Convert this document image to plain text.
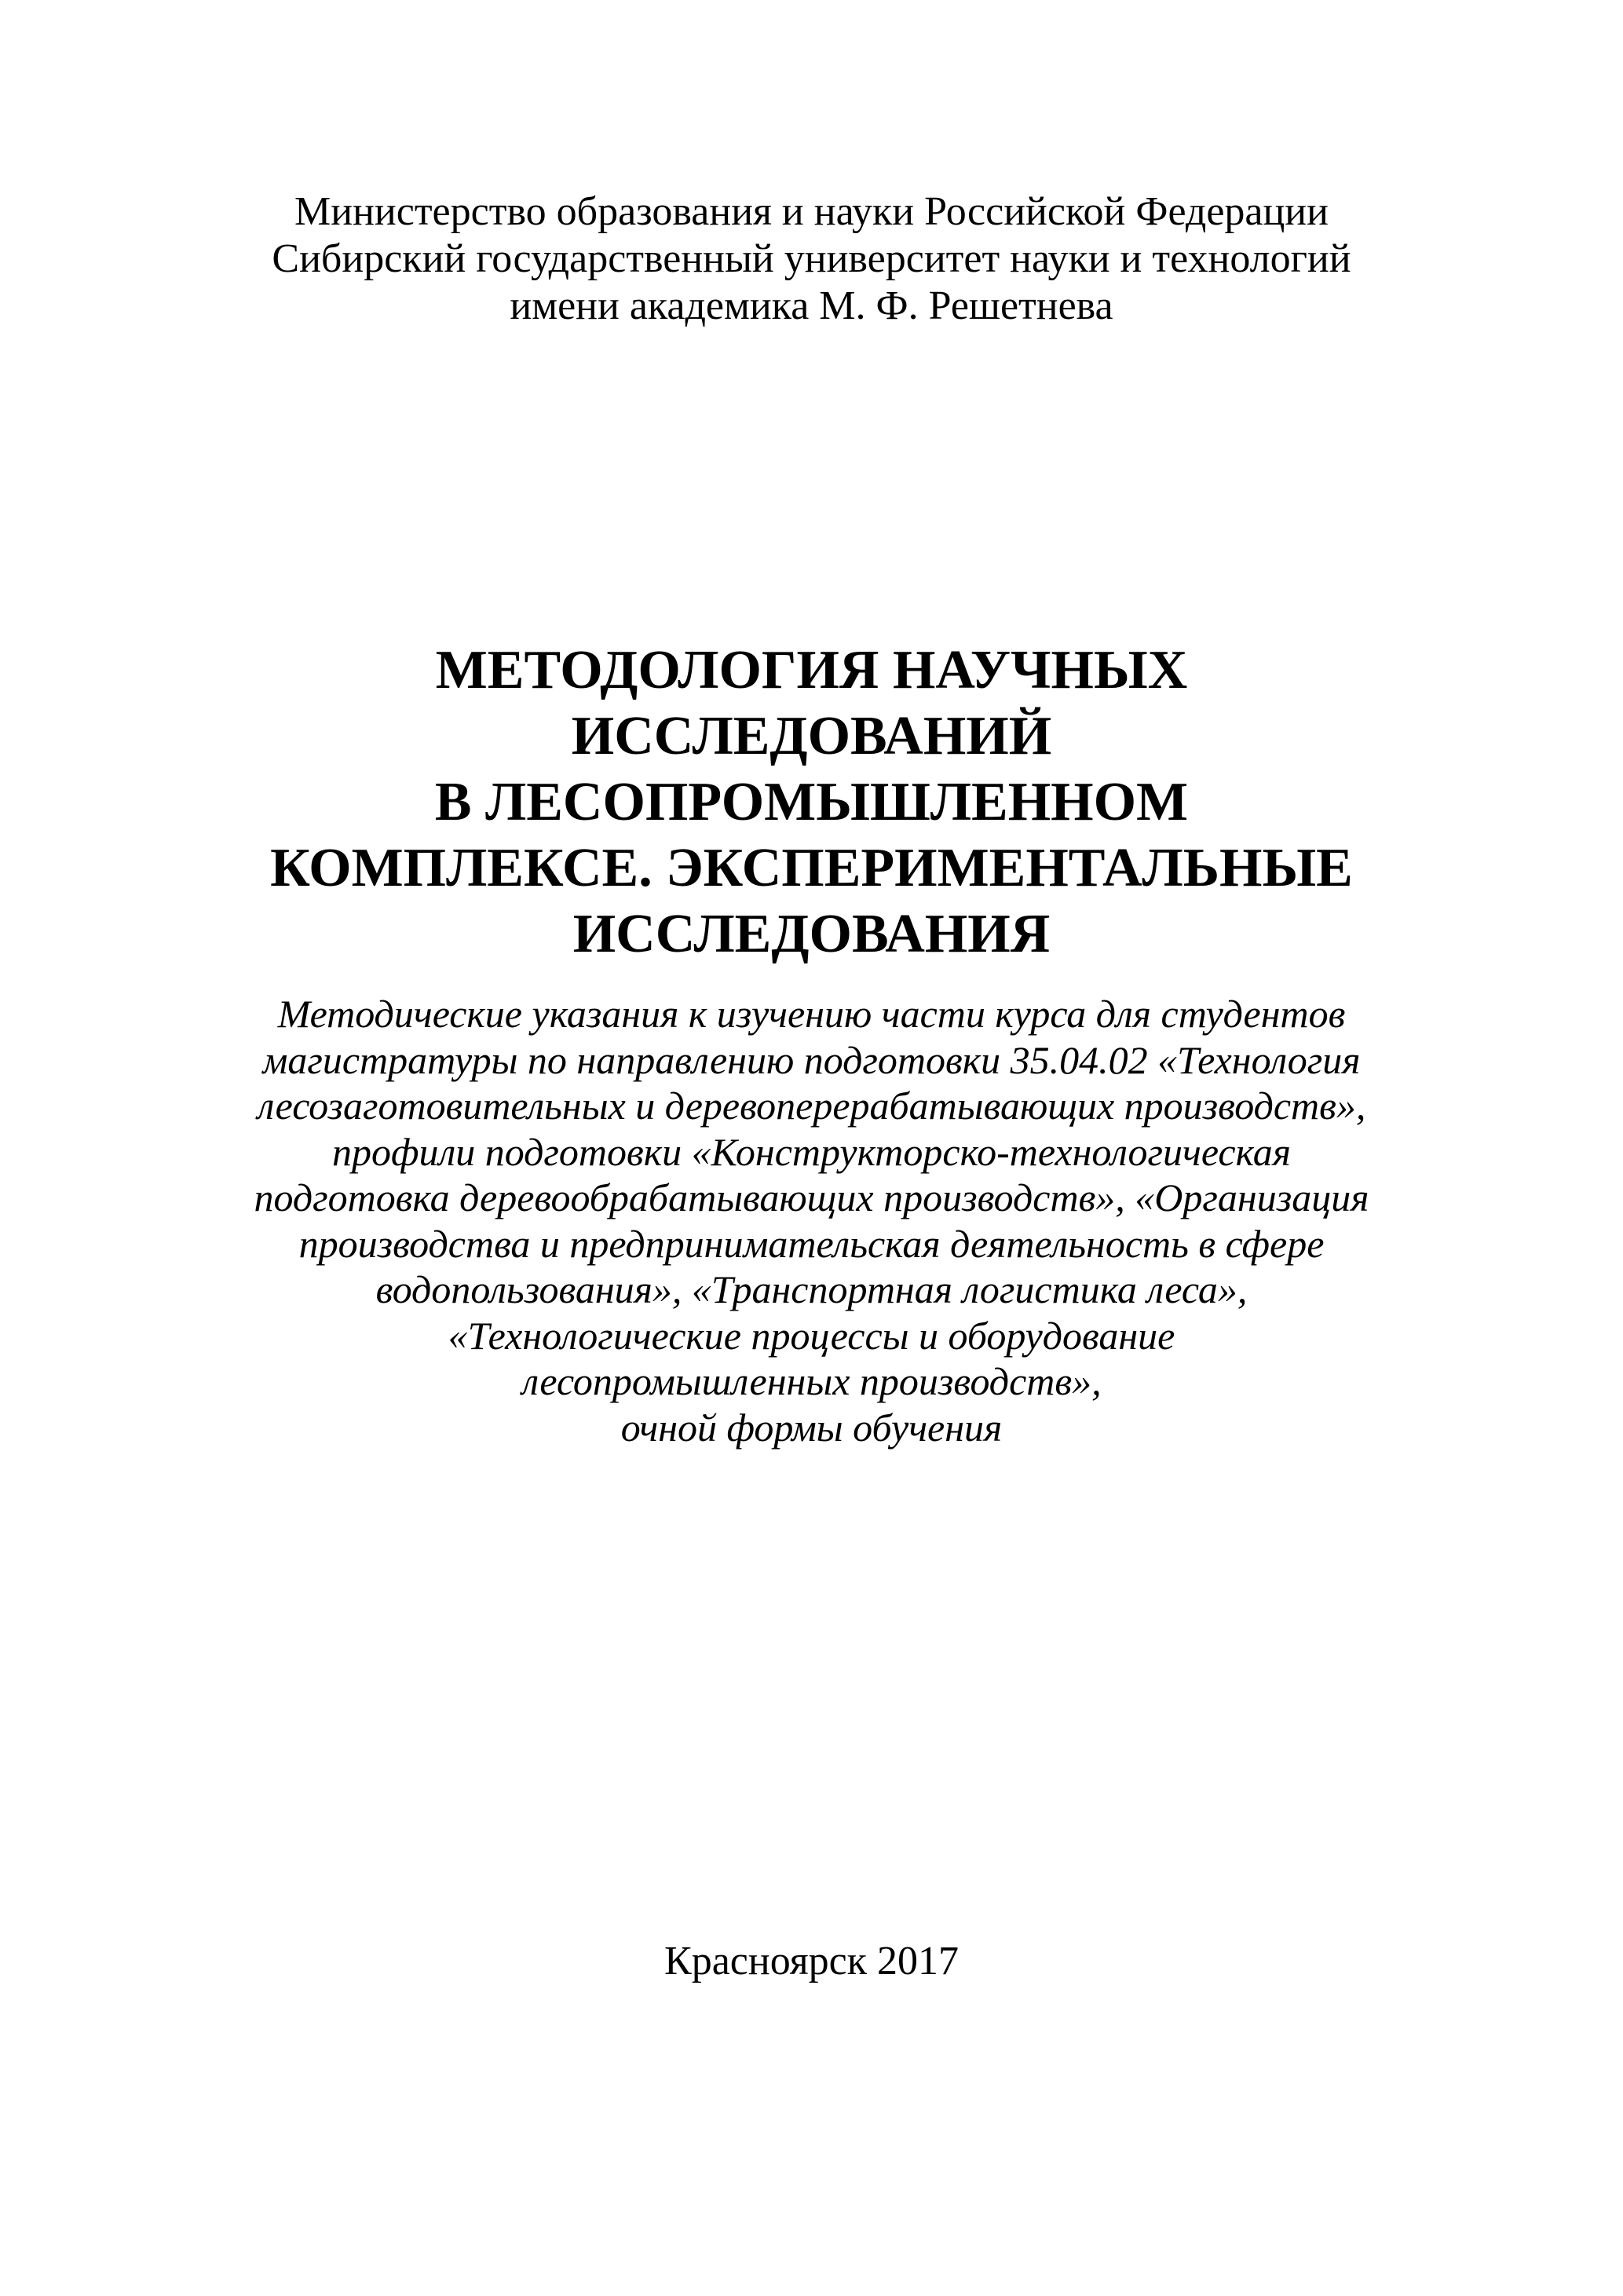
Министерство образования и науки Российской Федерации
Сибирский государственный университет науки и технологий
имени академика М. Ф. Решетнева
МЕТОДОЛОГИЯ НАУЧНЫХ
ИССЛЕДОВАНИЙ
В ЛЕСОПРОМЫШЛЕННОМ
КОМПЛЕКСЕ. ЭКСПЕРИМЕНТАЛЬНЫЕ
ИССЛЕДОВАНИЯ
Методические указания к изучению части курса для студентов
магистратуры по направлению подготовки 35.04.02 «Технология
лесозаготовительных и деревоперерабатывающих производств»,
профили подготовки «Конструкторско-технологическая
подготовка деревообрабатывающих производств», «Организация
производства и предпринимательская деятельность в сфере
водопользования», «Транспортная логистика леса»,
«Технологические процессы и оборудование
лесопромышленных производств»,
очной формы обучения
Красноярск 2017
